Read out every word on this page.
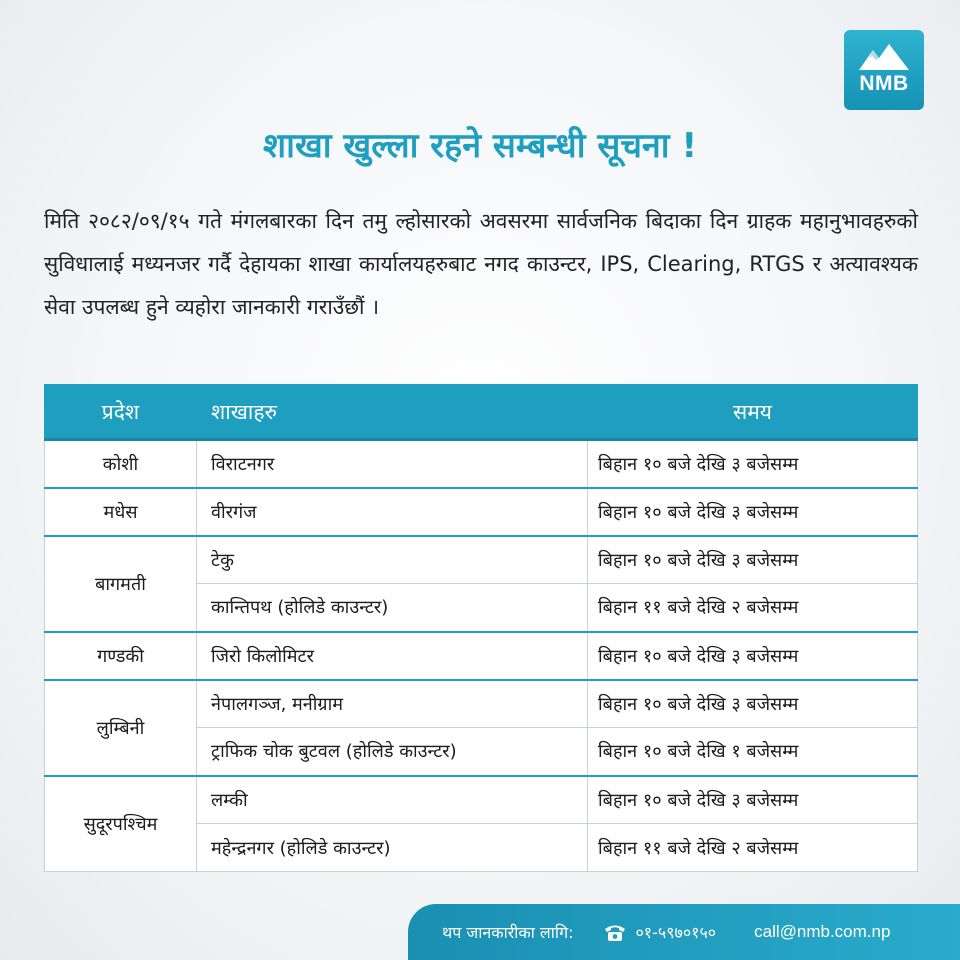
NMB
शाखा खुल्ला रहने सम्बन्धी सूचना !

मिति २०८२/०९/१५ गते मंगलबारका दिन तमु ल्होसारको अवसरमा सार्वजनिक बिदाका दिन ग्राहक महानुभावहरुको सुविधालाई मध्यनजर गर्दै देहायका शाखा कार्यालयहरुबाट नगद काउन्टर, IPS, Clearing, RTGS र अत्यावश्यक सेवा उपलब्ध हुने व्यहोरा जानकारी गराउँछौं ।

प्रदेश	शाखाहरु	समय
कोशी	विराटनगर	बिहान १० बजे देखि ३ बजेसम्म
मधेस	वीरगंज	बिहान १० बजे देखि ३ बजेसम्म
बागमती	टेकु	बिहान १० बजे देखि ३ बजेसम्म
	कान्तिपथ (होलिडे काउन्टर)	बिहान ११ बजे देखि २ बजेसम्म
गण्डकी	जिरो किलोमिटर	बिहान १० बजे देखि ३ बजेसम्म
लुम्बिनी	नेपालगञ्ज, मनीग्राम	बिहान १० बजे देखि ३ बजेसम्म
	ट्राफिक चोक बुटवल (होलिडे काउन्टर)	बिहान १० बजे देखि १ बजेसम्म
सुदूरपश्चिम	लम्की	बिहान १० बजे देखि ३ बजेसम्म
	महेन्द्रनगर (होलिडे काउन्टर)	बिहान ११ बजे देखि २ बजेसम्म
थप जानकारीका लागि:	०१-५९७०१५० call@nmb.com.np
